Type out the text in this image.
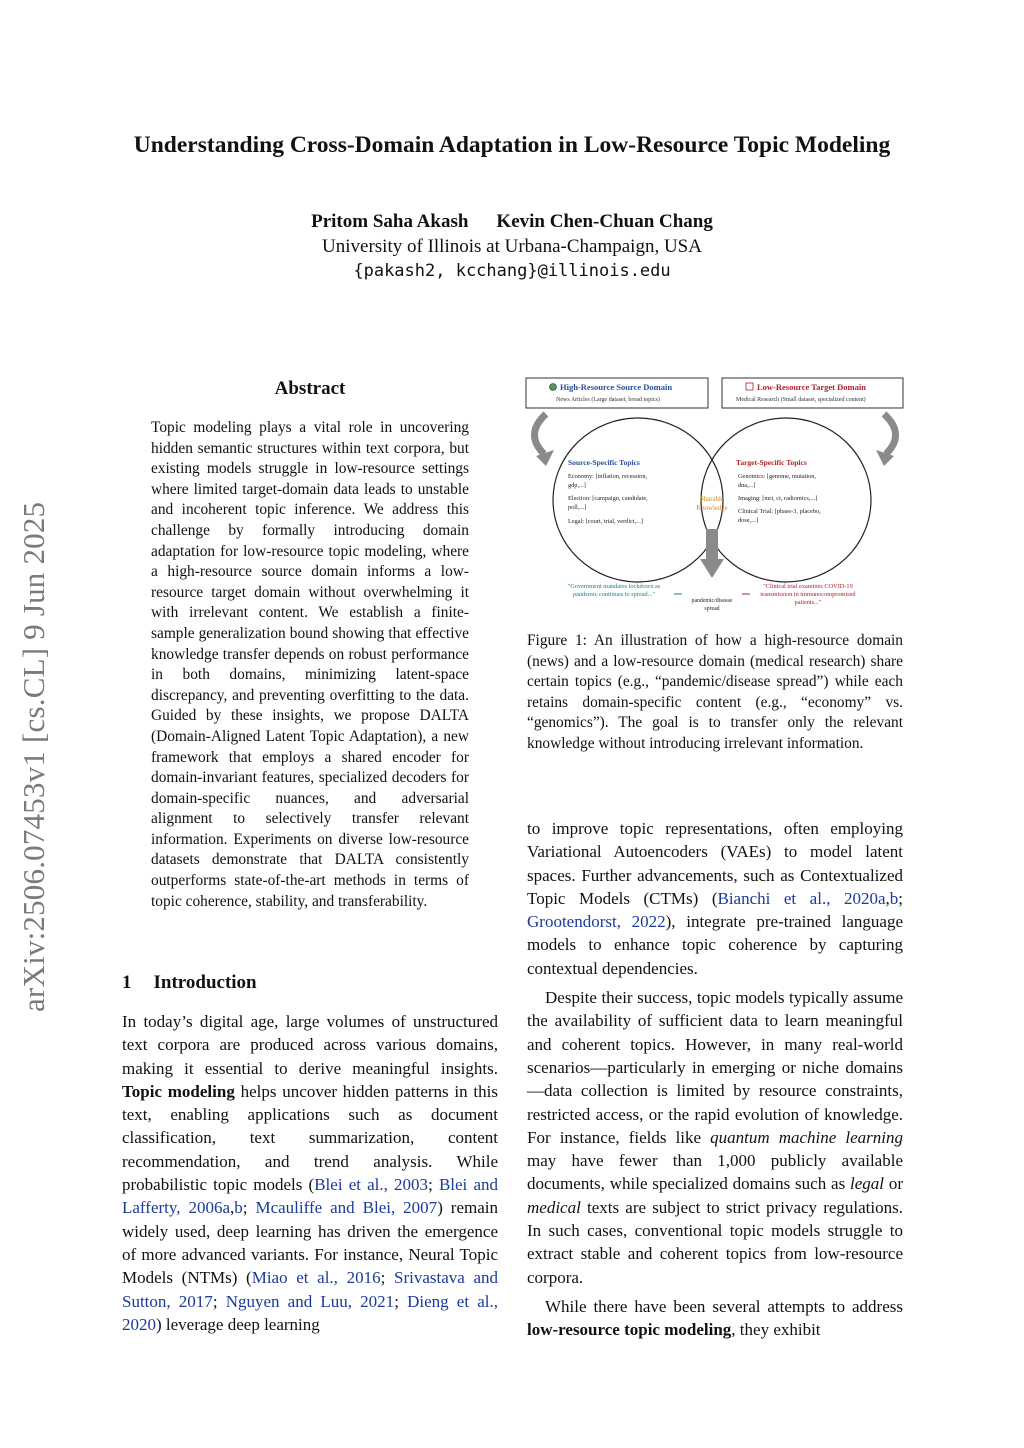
Understanding Cross-Domain Adaptation in Low-Resource Topic Modeling
Pritom Saha Akash Kevin Chen-Chuan Chang
University of Illinois at Urbana-Champaign, USA
{pakash2, kcchang}@illinois.edu
arXiv:2506.07453v1 [cs.CL] 9 Jun 2025
Abstract
Topic modeling plays a vital role in uncovering hidden semantic structures within text corpora, but existing models struggle in low-resource settings where limited target-domain data leads to unstable and incoherent topic inference. We address this challenge by formally introducing domain adaptation for low-resource topic modeling, where a high-resource source domain informs a low-resource target domain without overwhelming it with irrelevant content. We establish a finite-sample generalization bound showing that effective knowledge transfer depends on robust performance in both domains, minimizing latent-space discrepancy, and preventing overfitting to the data. Guided by these insights, we propose DALTA (Domain-Aligned Latent Topic Adaptation), a new framework that employs a shared encoder for domain-invariant features, specialized decoders for domain-specific nuances, and adversarial alignment to selectively transfer relevant information. Experiments on diverse low-resource datasets demonstrate that DALTA consistently outperforms state-of-the-art methods in terms of topic coherence, stability, and transferability.
1 Introduction
In today’s digital age, large volumes of unstructured text corpora are produced across various domains, making it essential to derive meaningful insights. Topic modeling helps uncover hidden patterns in this text, enabling applications such as document classification, text summarization, content recommendation, and trend analysis. While probabilistic topic models (Blei et al., 2003; Blei and Lafferty, 2006a,b; Mcauliffe and Blei, 2007) remain widely used, deep learning has driven the emergence of more advanced variants. For instance, Neural Topic Models (NTMs) (Miao et al., 2016; Srivastava and Sutton, 2017; Nguyen and Luu, 2021; Dieng et al., 2020) leverage deep learning
High-Resource Source Domain
News Articles (Large dataset, broad topics)
Low-Resource Target Domain
Medical Research (Small dataset, specialized content)
Source-Specific Topics
Economy: [inflation, recession,
gdp,...]
Election: [campaign, candidate,
poll,...]
Legal: [court, trial, verdict,...]
Target-Specific Topics
Genomics: [genome, mutation,
dna,...]
Imaging: [mri, ct, radiomics,...]
Clinical Trial: [phase-3, placebo,
dose,...]
Sharable
Knowledge
"Government mandates lockdown as
pandemic continues to spread..."
pandemic/disease
spread
"Clinical trial examines COVID-19
transmission in immunocompromised
patients..."
Figure 1: An illustration of how a high-resource domain (news) and a low-resource domain (medical research) share certain topics (e.g., “pandemic/disease spread”) while each retains domain-specific content (e.g., “economy” vs. “genomics”). The goal is to transfer only the relevant knowledge without introducing irrelevant information.

to improve topic representations, often employing Variational Autoencoders (VAEs) to model latent spaces. Further advancements, such as Contextualized Topic Models (CTMs) (Bianchi et al., 2020a,b; Grootendorst, 2022), integrate pre-trained language models to enhance topic coherence by capturing contextual dependencies.

Despite their success, topic models typically assume the availability of sufficient data to learn meaningful and coherent topics. However, in many real-world scenarios—particularly in emerging or niche domains—data collection is limited by resource constraints, restricted access, or the rapid evolution of knowledge. For instance, fields like quantum machine learning may have fewer than 1,000 publicly available documents, while specialized domains such as legal or medical texts are subject to strict privacy regulations. In such cases, conventional topic models struggle to extract stable and coherent topics from low-resource corpora.

While there have been several attempts to address low-resource topic modeling, they exhibit
